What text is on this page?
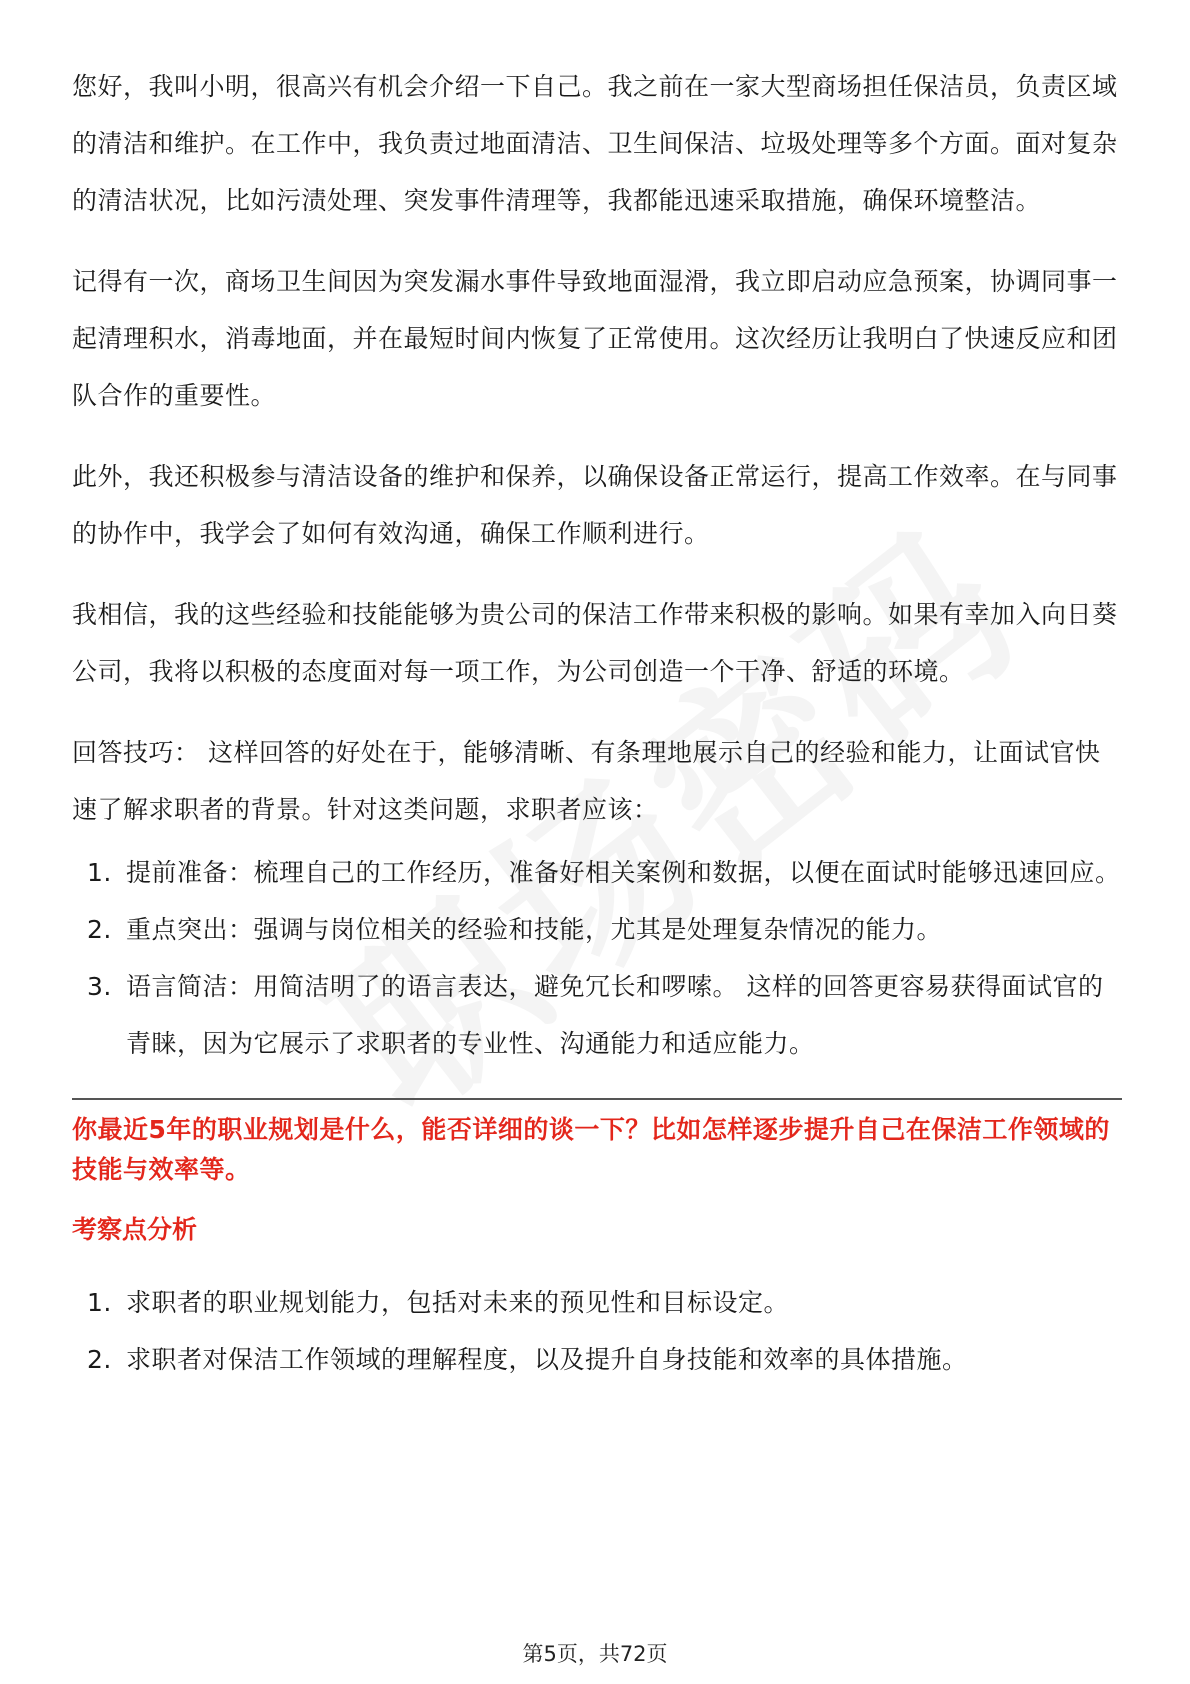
您好，我叫小明，很高兴有机会介绍一下自己。我之前在一家大型商场担任保洁员，负责区域的清洁和维护。在工作中，我负责过地面清洁、卫生间保洁、垃圾处理等多个方面。面对复杂的清洁状况，比如污渍处理、突发事件清理等，我都能迅速采取措施，确保环境整洁。

记得有一次，商场卫生间因为突发漏水事件导致地面湿滑，我立即启动应急预案，协调同事一起清理积水，消毒地面，并在最短时间内恢复了正常使用。这次经历让我明白了快速反应和团队合作的重要性。

此外，我还积极参与清洁设备的维护和保养，以确保设备正常运行，提高工作效率。在与同事的协作中，我学会了如何有效沟通，确保工作顺利进行。

我相信，我的这些经验和技能能够为贵公司的保洁工作带来积极的影响。如果有幸加入向日葵公司，我将以积极的态度面对每一项工作，为公司创造一个干净、舒适的环境。

回答技巧： 这样回答的好处在于，能够清晰、有条理地展示自己的经验和能力，让面试官快速了解求职者的背景。针对这类问题，求职者应该：

1. 提前准备：梳理自己的工作经历，准备好相关案例和数据，以便在面试时能够迅速回应。
2. 重点突出：强调与岗位相关的经验和技能，尤其是处理复杂情况的能力。
3. 语言简洁：用简洁明了的语言表达，避免冗长和啰嗦。 这样的回答更容易获得面试官的青睐，因为它展示了求职者的专业性、沟通能力和适应能力。
你最近5年的职业规划是什么，能否详细的谈一下？比如怎样逐步提升自己在保洁工作领域的技能与效率等。
考察点分析
1. 求职者的职业规划能力，包括对未来的预见性和目标设定。
2. 求职者对保洁工作领域的理解程度，以及提升自身技能和效率的具体措施。
第5页，共72页
